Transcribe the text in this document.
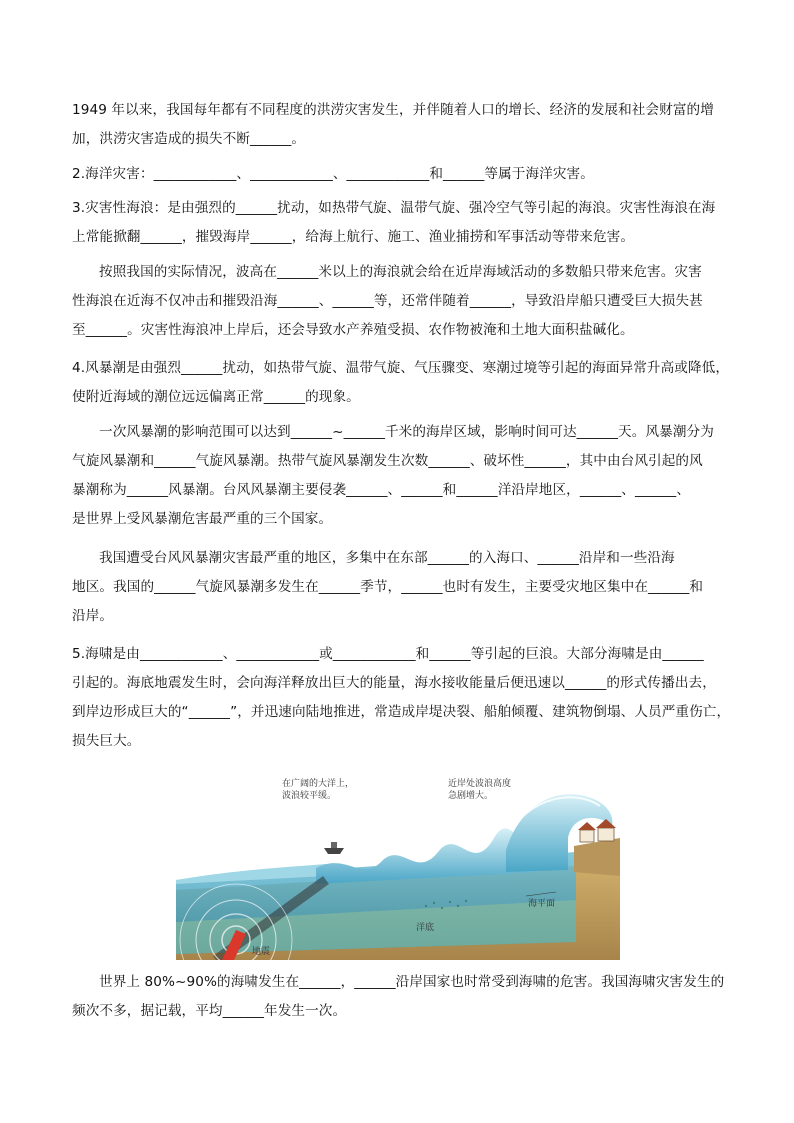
1949 年以来，我国每年都有不同程度的洪涝灾害发生，并伴随着人口的增长、经济的发展和社会财富的增
加，洪涝灾害造成的损失不断______。
2.海洋灾害：____________、____________、____________和______等属于海洋灾害。
3.灾害性海浪：是由强烈的______扰动，如热带气旋、温带气旋、强冷空气等引起的海浪。灾害性海浪在海
上常能掀翻______，摧毁海岸______，给海上航行、施工、渔业捕捞和军事活动等带来危害。
按照我国的实际情况，波高在______米以上的海浪就会给在近岸海域活动的多数船只带来危害。灾害
性海浪在近海不仅冲击和摧毁沿海______、______等，还常伴随着______，导致沿岸船只遭受巨大损失甚
至______。灾害性海浪冲上岸后，还会导致水产养殖受损、农作物被淹和土地大面积盐碱化。
4.风暴潮是由强烈______扰动，如热带气旋、温带气旋、气压骤变、寒潮过境等引起的海面异常升高或降低，
使附近海域的潮位远远偏离正常______的现象。
一次风暴潮的影响范围可以达到______~______千米的海岸区域，影响时间可达______天。风暴潮分为
气旋风暴潮和______气旋风暴潮。热带气旋风暴潮发生次数______、破坏性______，其中由台风引起的风
暴潮称为______风暴潮。台风风暴潮主要侵袭______、______和______洋沿岸地区，______、______、
是世界上受风暴潮危害最严重的三个国家。
我国遭受台风风暴潮灾害最严重的地区，多集中在东部______的入海口、______沿岸和一些沿海
地区。我国的______气旋风暴潮多发生在______季节，______也时有发生，主要受灾地区集中在______和
沿岸。
5.海啸是由____________、____________或____________和______等引起的巨浪。大部分海啸是由______
引起的。海底地震发生时，会向海洋释放出巨大的能量，海水接收能量后便迅速以______的形式传播出去，
到岸边形成巨大的“______”，并迅速向陆地推进，常造成岸堤决裂、船舶倾覆、建筑物倒塌、人员严重伤亡，
损失巨大。
在广阔的大洋上，
波浪较平缓。
近岸处波浪高度
急剧增大。
海平面
洋底
地震
世界上 80%~90%的海啸发生在______，______沿岸国家也时常受到海啸的危害。我国海啸灾害发生的
频次不多，据记载，平均______年发生一次。
